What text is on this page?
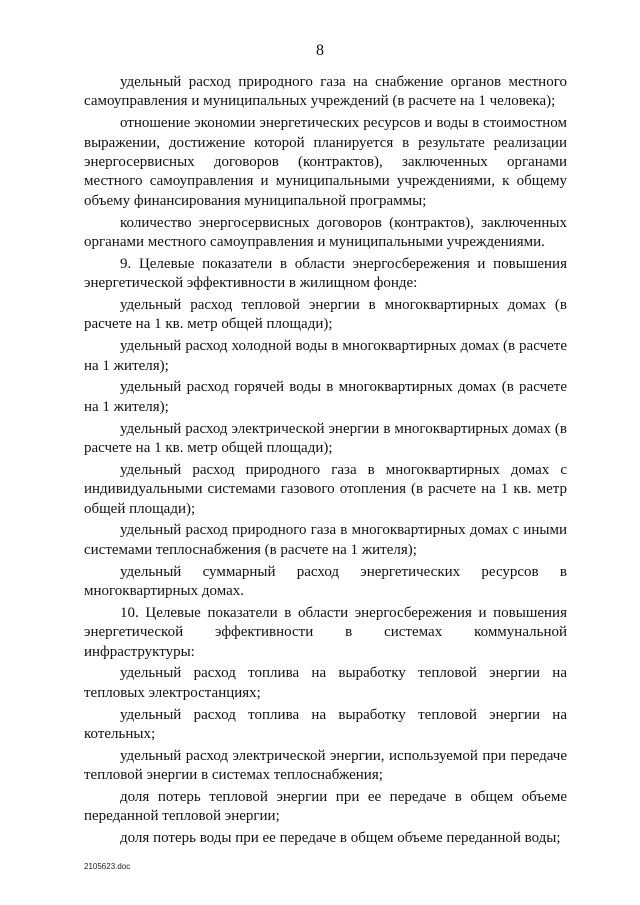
8

удельный расход природного газа на снабжение органов местного самоуправления и муниципальных учреждений (в расчете на 1 человека);

отношение экономии энергетических ресурсов и воды в стоимостном выражении, достижение которой планируется в результате реализации энергосервисных договоров (контрактов), заключенных органами местного самоуправления и муниципальными учреждениями, к общему объему финансирования муниципальной программы;

количество энергосервисных договоров (контрактов), заключенных органами местного самоуправления и муниципальными учреждениями.

9. Целевые показатели в области энергосбережения и повышения энергетической эффективности в жилищном фонде:

удельный расход тепловой энергии в многоквартирных домах (в расчете на 1 кв. метр общей площади);

удельный расход холодной воды в многоквартирных домах (в расчете на 1 жителя);

удельный расход горячей воды в многоквартирных домах (в расчете на 1 жителя);

удельный расход электрической энергии в многоквартирных домах (в расчете на 1 кв. метр общей площади);

удельный расход природного газа в многоквартирных домах с индивидуальными системами газового отопления (в расчете на 1 кв. метр общей площади);

удельный расход природного газа в многоквартирных домах с иными системами теплоснабжения (в расчете на 1 жителя);

удельный суммарный расход энергетических ресурсов в многоквартирных домах.

10. Целевые показатели в области энергосбережения и повышения энергетической эффективности в системах коммунальной инфраструктуры:

удельный расход топлива на выработку тепловой энергии на тепловых электростанциях;

удельный расход топлива на выработку тепловой энергии на котельных;

удельный расход электрической энергии, используемой при передаче тепловой энергии в системах теплоснабжения;

доля потерь тепловой энергии при ее передаче в общем объеме переданной тепловой энергии;

доля потерь воды при ее передаче в общем объеме переданной воды;

2105623.doc
